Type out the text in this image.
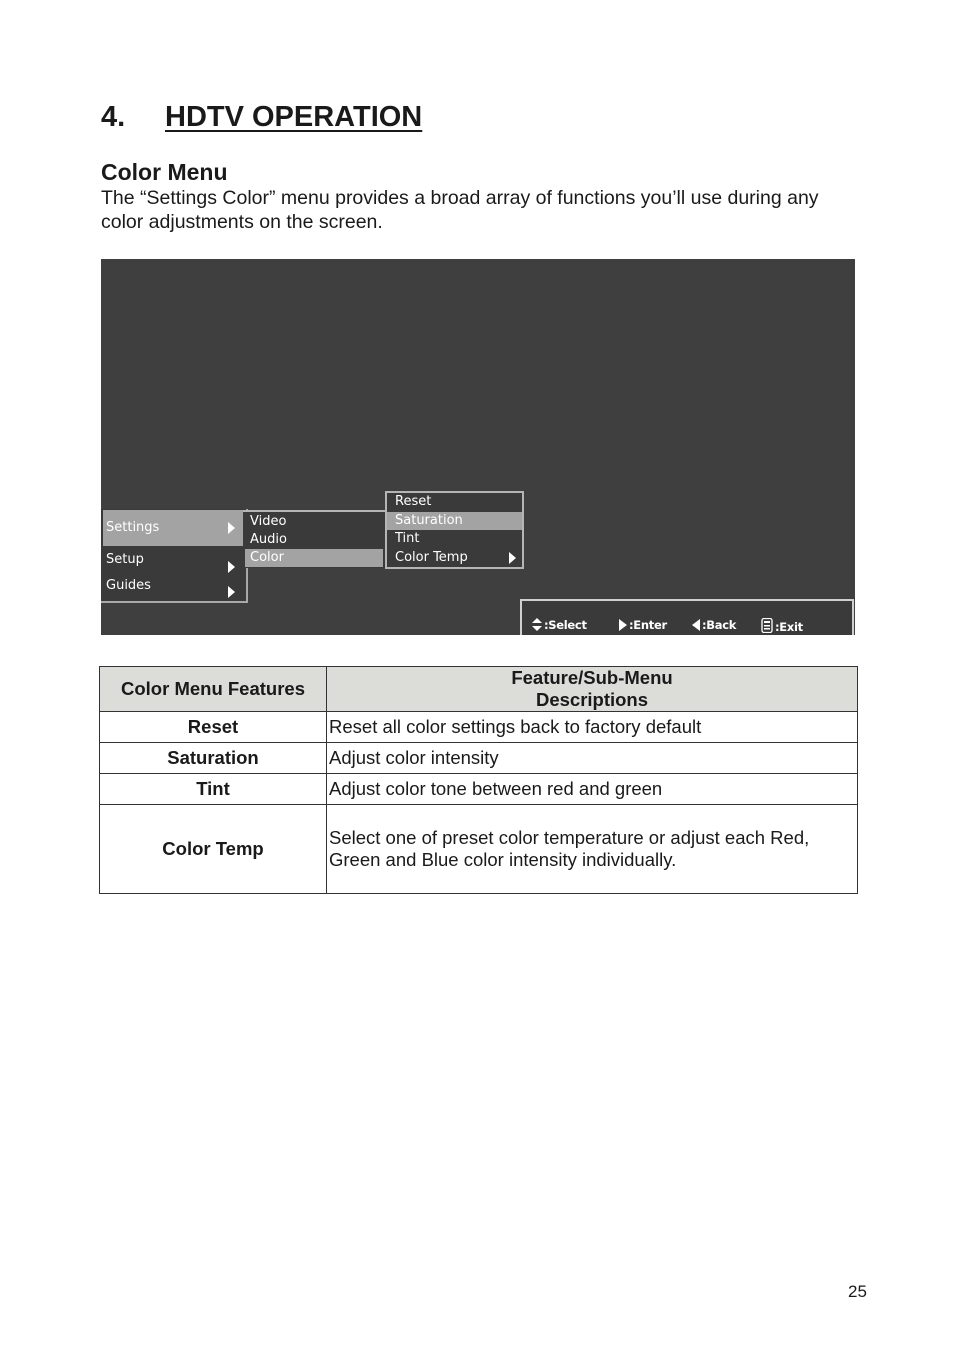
4. HDTV OPERATION
Color Menu

The “Settings Color” menu provides a broad array of functions you’ll use during any color adjustments on the screen.

Settings
Setup
Guides
Video
Audio
Color
Reset
Saturation
Tint
Color Temp
:Select	:Enter	:Back	:Exit
Color Menu Features	Feature/Sub-Menu
Descriptions
Reset	Reset all color settings back to factory default
Saturation	Adjust color intensity
Tint	Adjust color tone between red and green
Color Temp	Select one of preset color temperature or adjust each Red, Green and Blue color intensity individually.
25
